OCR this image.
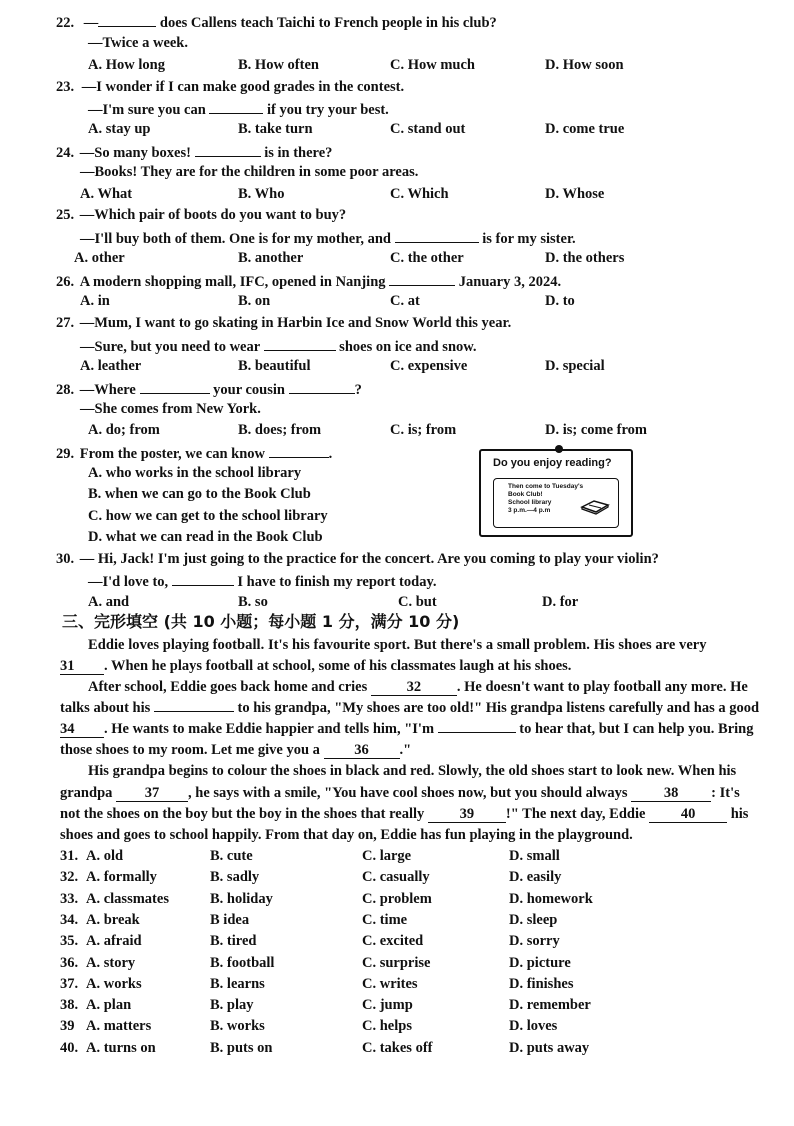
22. —	does Callens teach Taichi to French people in his club?
—Twice a week.
A. How long	B. How often	C. How much	D. How soon
23. —I wonder if I can make good grades in the contest.
—I'm sure you can	if you try your best.
A. stay up	B. take turn	C. stand out	D. come true
24. —So many boxes!	is in there?
—Books! They are for the children in some poor areas.
A. What	B. Who	C. Which	D. Whose
25. —Which pair of boots do you want to buy?
—I'll buy both of them. One is for my mother, and	is for my sister.
A. other	B. another	C. the other	D. the others
26. A modern shopping mall, IFC, opened in Nanjing	January 3, 2024.
A. in	B. on	C. at	D. to
27. —Mum, I want to go skating in Harbin Ice and Snow World this year.
—Sure, but you need to wear	shoes on ice and snow.
A. leather	B. beautiful	C. expensive	D. special
28. —Where	your cousin	?
—She comes from New York.
A. do; from	B. does; from	C. is; from	D. is; come from
29. From the poster, we can know	.
A. who works in the school library
B. when we can go to the Book Club
C. how we can get to the school library
D. what we can read in the Book Club
Do you enjoy reading?
Then come to Tuesday's
Book Club!
School library
3 p.m.—4 p.m
30. — Hi, Jack! I'm just going to the practice for the concert. Are you coming to play your violin?
—I'd love to,	I have to finish my report today.
A. and	B. so	C. but	D. for
三、完形填空 (共 10 小题；每小题 1 分，满分 10 分)
Eddie loves playing football. It's his favourite sport. But there's a small problem. His shoes are very
31 . When he plays football at school, some of his classmates laugh at his shoes.
After school, Eddie goes back home and cries 32 . He doesn't want to play football any more. He
talks about his	to his grandpa, "My shoes are too old!" His grandpa listens carefully and has a good
34 . He wants to make Eddie happier and tells him, "I'm	to hear that, but I can help you. Bring
those shoes to my room. Let me give you a 36 ."
His grandpa begins to colour the shoes in black and red. Slowly, the old shoes start to look new. When his
grandpa 37 , he says with a smile, "You have cool shoes now, but you should always 38 : It's
not the shoes on the boy but the boy in the shoes that really 39 !" The next day, Eddie 40 his
shoes and goes to school happily. From that day on, Eddie has fun playing in the playground.
31. A. old	B. cute	C. large	D. small
32. A. formally	B. sadly	C. casually	D. easily
33. A. classmates	B. holiday	C. problem	D. homework
34. A. break	B idea	C. time	D. sleep
35. A. afraid	B. tired	C. excited	D. sorry
36. A. story	B. football	C. surprise	D. picture
37. A. works	B. learns	C. writes	D. finishes
38. A. plan	B. play	C. jump	D. remember
39 A. matters	B. works	C. helps	D. loves
40. A. turns on	B. puts on	C. takes off	D. puts away
